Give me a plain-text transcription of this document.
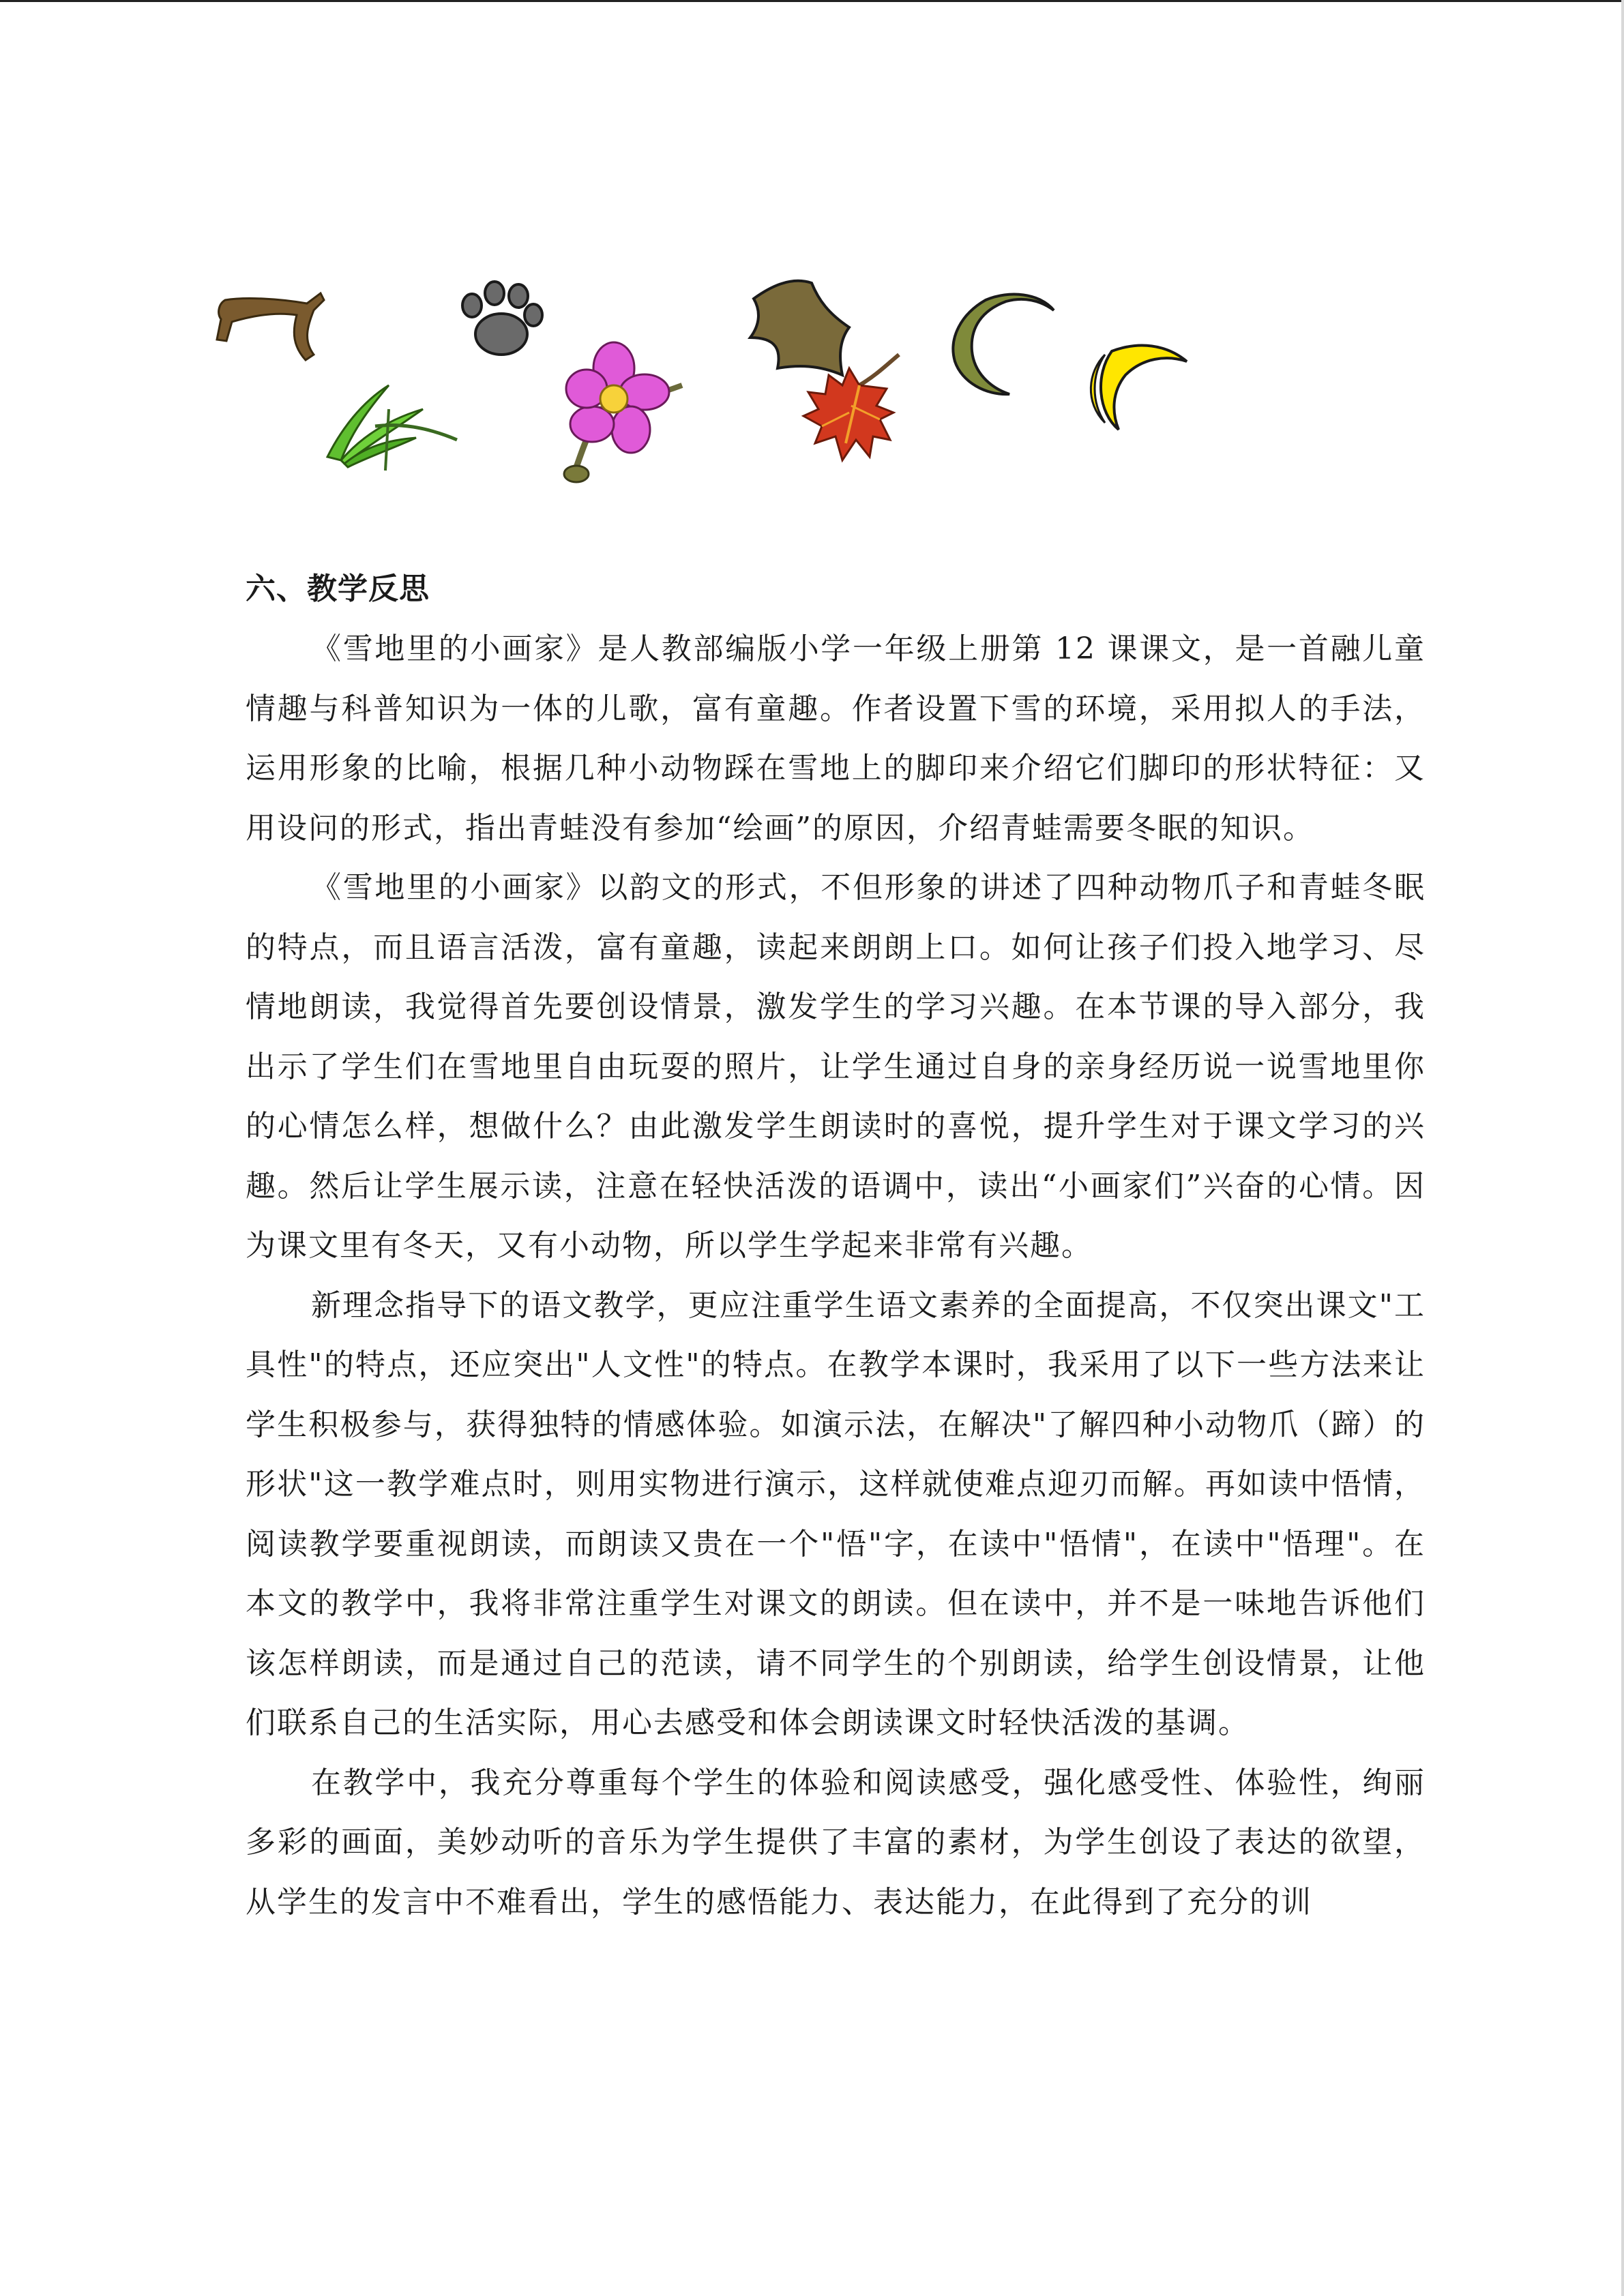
六、教学反思

《雪地里的小画家》是人教部编版小学一年级上册第 12 课课文，是一首融儿童情趣与科普知识为一体的儿歌，富有童趣。作者设置下雪的环境，采用拟人的手法，运用形象的比喻，根据几种小动物踩在雪地上的脚印来介绍它们脚印的形状特征：又用设问的形式，指出青蛙没有参加“绘画”的原因，介绍青蛙需要冬眠的知识。

《雪地里的小画家》以韵文的形式，不但形象的讲述了四种动物爪子和青蛙冬眠的特点，而且语言活泼，富有童趣，读起来朗朗上口。如何让孩子们投入地学习、尽情地朗读，我觉得首先要创设情景，激发学生的学习兴趣。在本节课的导入部分，我出示了学生们在雪地里自由玩耍的照片，让学生通过自身的亲身经历说一说雪地里你的心情怎么样，想做什么？由此激发学生朗读时的喜悦，提升学生对于课文学习的兴趣。然后让学生展示读，注意在轻快活泼的语调中，读出“小画家们”兴奋的心情。因为课文里有冬天，又有小动物，所以学生学起来非常有兴趣。

新理念指导下的语文教学，更应注重学生语文素养的全面提高，不仅突出课文"工具性"的特点，还应突出"人文性"的特点。在教学本课时，我采用了以下一些方法来让学生积极参与，获得独特的情感体验。如演示法，在解决"了解四种小动物爪（蹄）的形状"这一教学难点时，则用实物进行演示，这样就使难点迎刃而解。再如读中悟情，阅读教学要重视朗读，而朗读又贵在一个"悟"字，在读中"悟情"，在读中"悟理"。在本文的教学中，我将非常注重学生对课文的朗读。但在读中，并不是一味地告诉他们该怎样朗读，而是通过自己的范读，请不同学生的个别朗读，给学生创设情景，让他们联系自己的生活实际，用心去感受和体会朗读课文时轻快活泼的基调。

在教学中，我充分尊重每个学生的体验和阅读感受，强化感受性、体验性，绚丽多彩的画面，美妙动听的音乐为学生提供了丰富的素材，为学生创设了表达的欲望，从学生的发言中不难看出，学生的感悟能力、表达能力，在此得到了充分的训
